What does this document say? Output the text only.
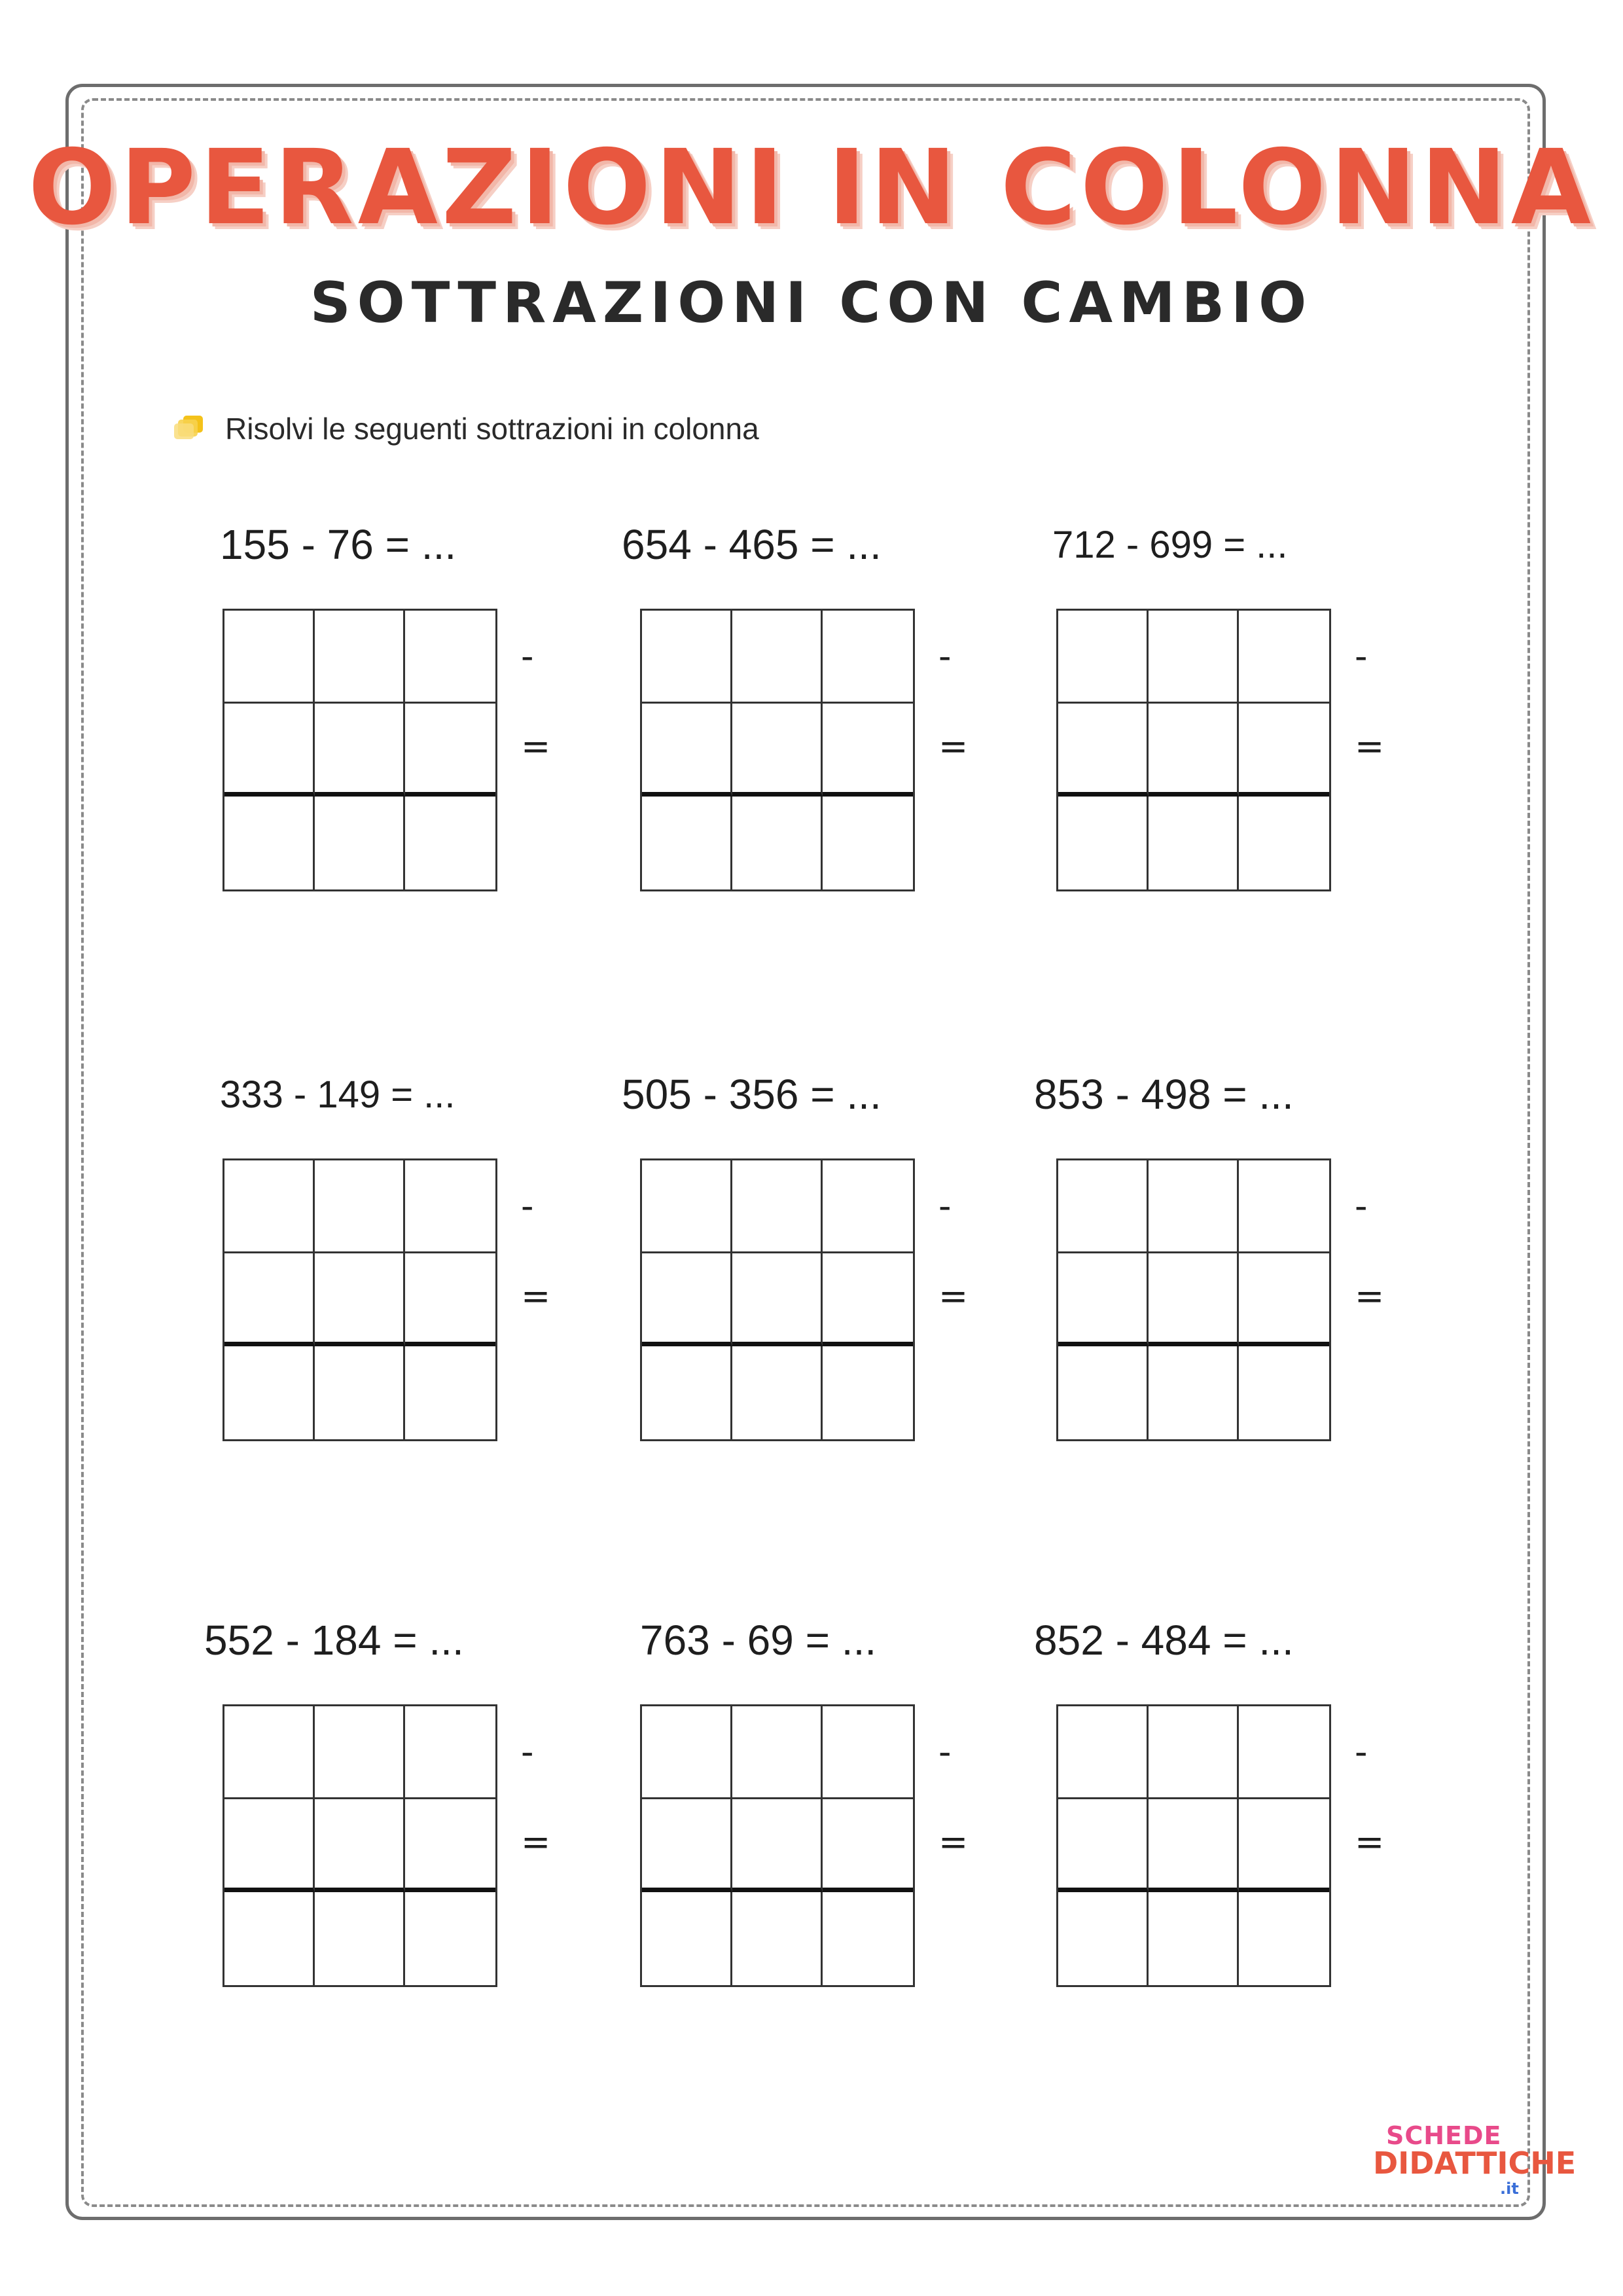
OPERAZIONI IN COLONNA
SOTTRAZIONI CON CAMBIO
Risolvi le seguenti sottrazioni in colonna
155 - 76 = ...
-
=
654 - 465 = ...
-
=
712 - 699 = ...
-
=
333 - 149 = ...
-
=
505 - 356 = ...
-
=
853 - 498 = ...
-
=
552 - 184 = ...
-
=
763 - 69 = ...
-
=
852 - 484 = ...
-
=
SCHEDE
DIDATTICHE
.it
